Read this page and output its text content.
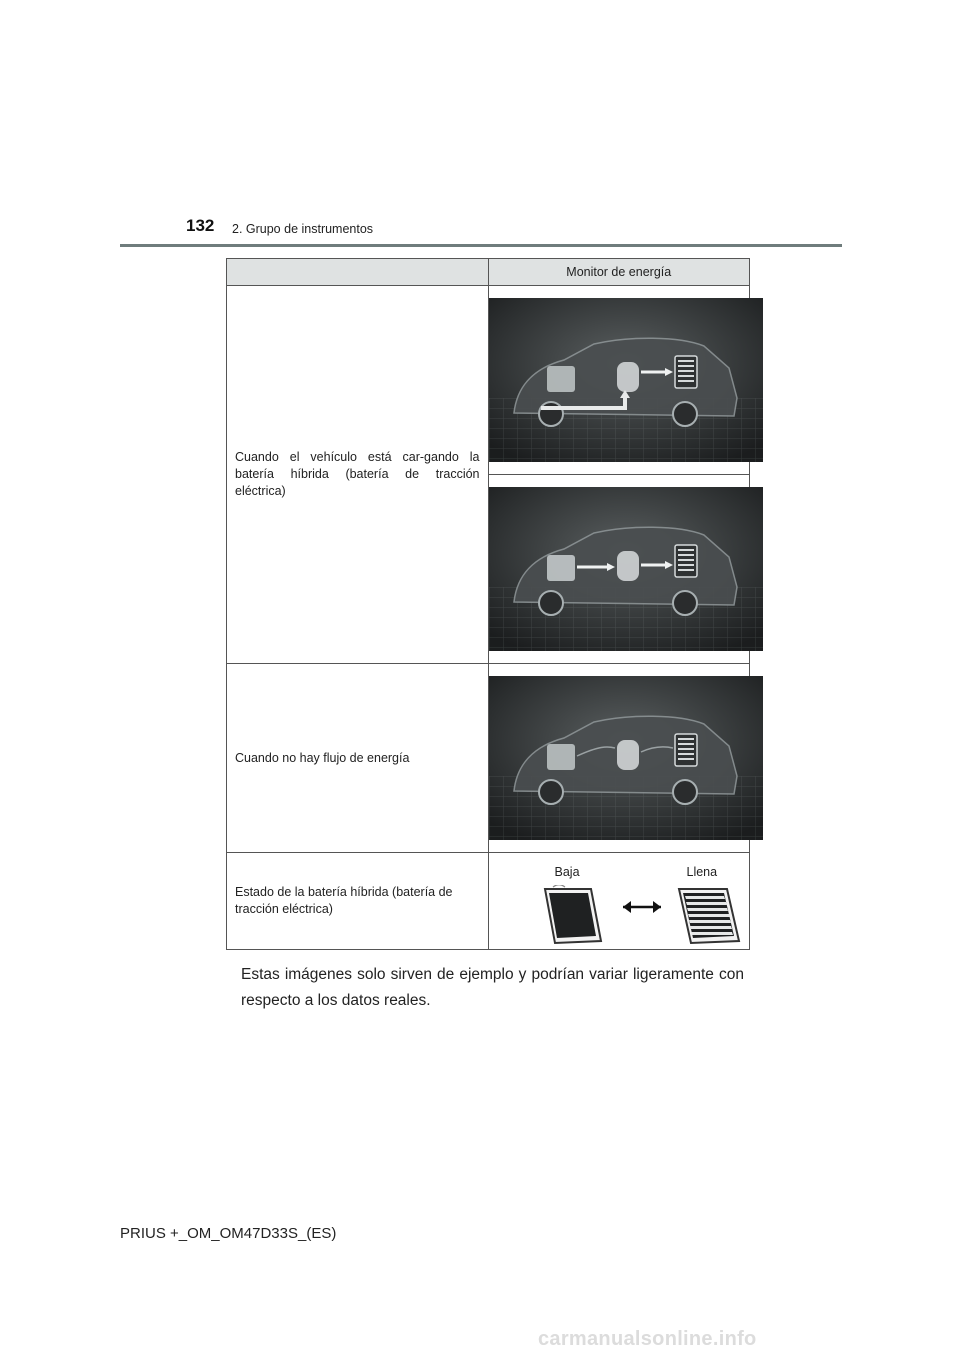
132 2. Grupo de instrumentos
	Monitor de energía
Cuando el vehículo está car-gando la batería híbrida (batería de tracción eléctrica)	

Cuando no hay flujo de energía	

Estado de la batería híbrida (batería de tracción eléctrica)	Baja Llena
Estas imágenes solo sirven de ejemplo y podrían variar ligeramente con respecto a los datos reales.
PRIUS +_OM_OM47D33S_(ES)
carmanualsonline.info
